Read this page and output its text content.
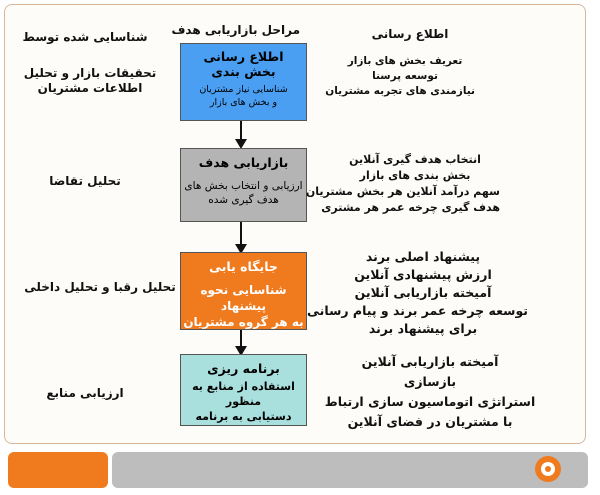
شناسایی شده توسط مراحل بازاریابی هدف	اطلاع رسانی
تحقیقات بازار و تحلیل
اطلاعات مشتریان
تحلیل تقاضا
تحلیل رقبا و تحلیل داخلی
ارزیابی منابع
اطلاع رسانی
بخش بندی
شناسایی نیاز مشتریان
و بخش های بازار
بازاریابی هدف
ارزیابی و انتخاب بخش های
هدف گیری شده
جایگاه یابی
شناسایی نحوه پیشنهاد
به هر گروه مشتریان
برنامه ریزی
استفاده از منابع به منظور
دستیابی به برنامه
تعریف بخش های بازار
توسعه پرسنا
نیازمندی های تجربه مشتریان
انتخاب هدف گیری آنلاین
بخش بندی های بازار
سهم درآمد آنلاین هر بخش مشتریان
هدف گیری چرخه عمر هر مشتری
پیشنهاد اصلی برند
ارزش پیشنهادی آنلاین
آمیخته بازاریابی آنلاین
توسعه چرخه عمر برند و پیام رسانی
برای پیشنهاد برند
آمیخته بازاریابی آنلاین
بازسازی
استراتژی اتوماسیون سازی ارتباط
با مشتریان در فضای آنلاین
